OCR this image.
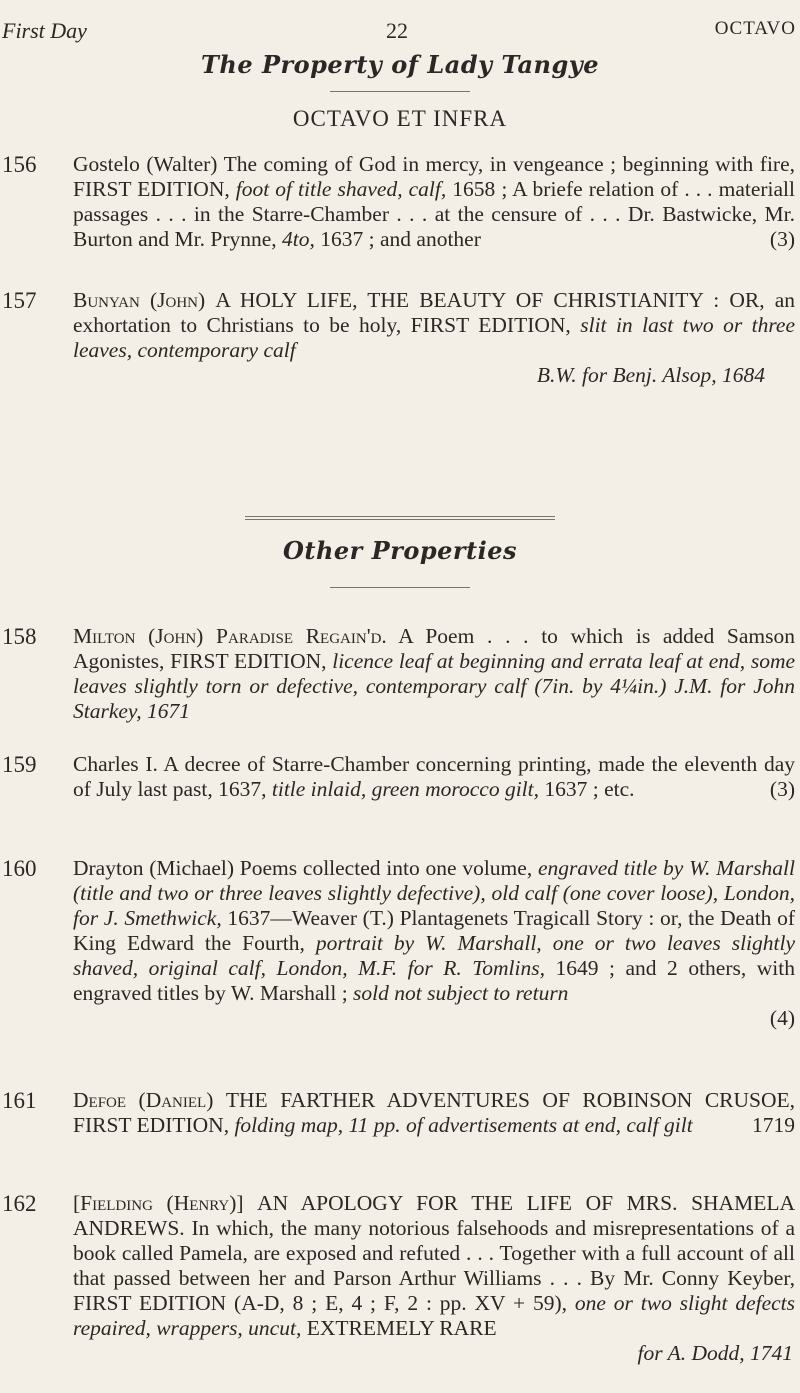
First Day	22	OCTAVO
The Property of Lady Tangye
OCTAVO ET INFRA
156 Gostelo (Walter) The coming of God in mercy, in vengeance ; beginning with fire, FIRST EDITION, foot of title shaved, calf, 1658 ; A briefe relation of . . . materiall passages . . . in the Starre-Chamber . . . at the censure of . . . Dr. Bastwicke, Mr. Burton and Mr. Prynne, 4to, 1637 ; and another	(3)
157 Bunyan (John) A HOLY LIFE, THE BEAUTY OF CHRISTIANITY : OR, an exhortation to Christians to be holy, FIRST EDITION, slit in last two or three leaves, contemporary calf
B.W. for Benj. Alsop, 1684
Other Properties
158 Milton (John) Paradise Regain'd. A Poem . . . to which is added Samson Agonistes, FIRST EDITION, licence leaf at beginning and errata leaf at end, some leaves slightly torn or defective, contemporary calf (7in. by 4¼in.) J.M. for John Starkey, 1671
159 Charles I. A decree of Starre-Chamber concerning printing, made the eleventh day of July last past, 1637, title inlaid, green morocco gilt, 1637 ; etc.	(3)
160 Drayton (Michael) Poems collected into one volume, engraved title by W. Marshall (title and two or three leaves slightly defective), old calf (one cover loose), London, for J. Smethwick, 1637—Weaver (T.) Plantagenets Tragicall Story : or, the Death of King Edward the Fourth, portrait by W. Marshall, one or two leaves slightly shaved, original calf, London, M.F. for R. Tomlins, 1649 ; and 2 others, with engraved titles by W. Marshall ; sold not subject to return
(4)
161 Defoe (Daniel) THE FARTHER ADVENTURES OF ROBINSON CRUSOE, FIRST EDITION, folding map, 11 pp. of advertisements at end, calf gilt	1719
162 [Fielding (Henry)] AN APOLOGY FOR THE LIFE OF MRS. SHAMELA ANDREWS. In which, the many notorious falsehoods and misrepresentations of a book called Pamela, are exposed and refuted . . . Together with a full account of all that passed between her and Parson Arthur Williams . . . By Mr. Conny Keyber, FIRST EDITION (A-D, 8 ; E, 4 ; F, 2 : pp. XV + 59), one or two slight defects repaired, wrappers, uncut, EXTREMELY RARE
for A. Dodd, 1741
